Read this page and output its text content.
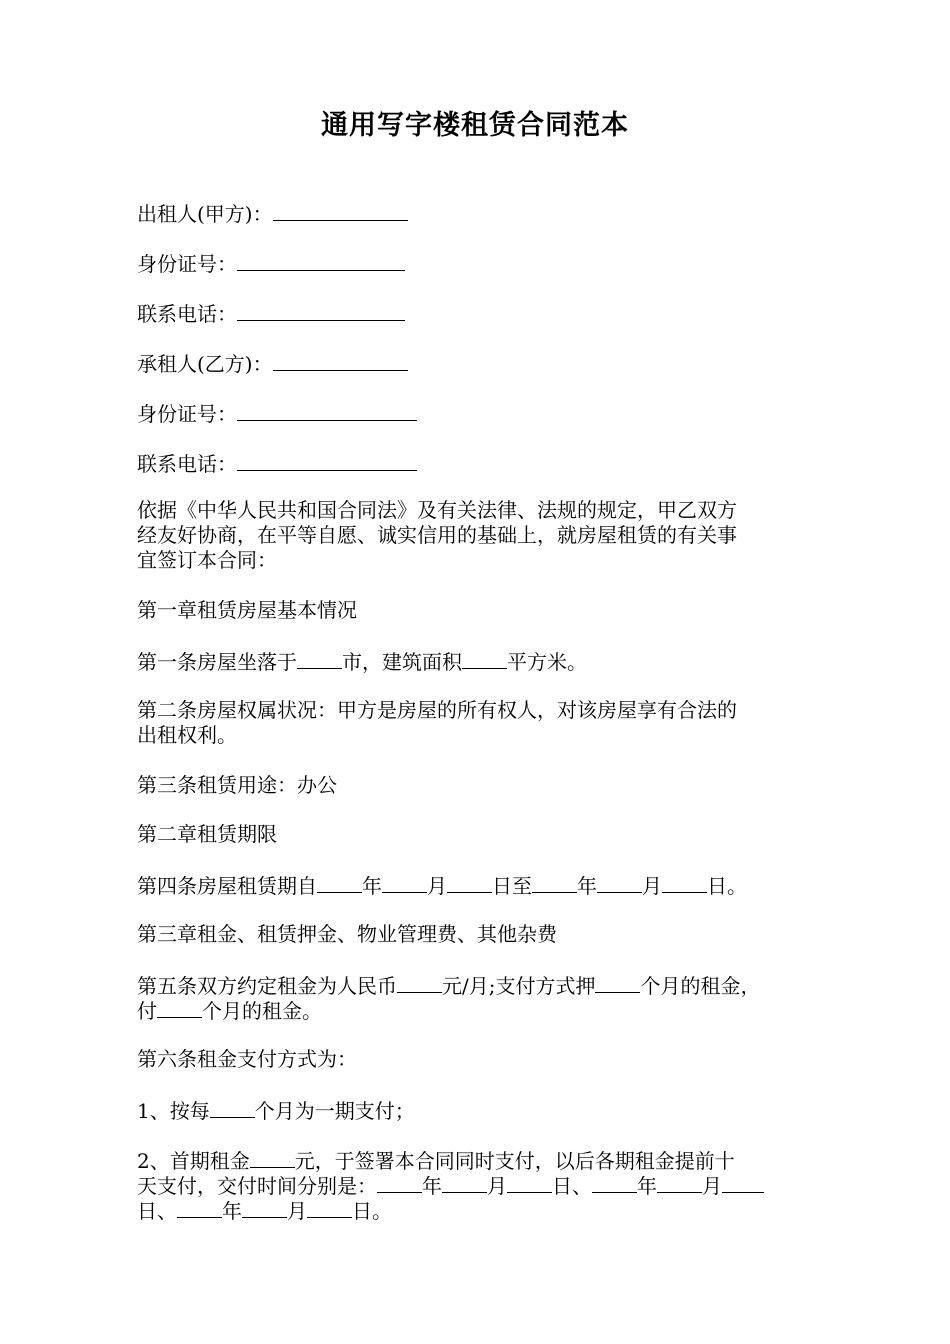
通用写字楼租赁合同范本
出租人(甲方)：
身份证号：
联系电话：
承租人(乙方)：
身份证号：
联系电话：
依据《中华人民共和国合同法》及有关法律、法规的规定，甲乙双方
经友好协商，在平等自愿、诚实信用的基础上，就房屋租赁的有关事
宜签订本合同：
第一章租赁房屋基本情况
第一条房屋坐落于 市，建筑面积 平方米。
第二条房屋权属状况：甲方是房屋的所有权人，对该房屋享有合法的
出租权利。
第三条租赁用途：办公
第二章租赁期限
第四条房屋租赁期自 年 月 日至 年 月 日。
第三章租金、租赁押金、物业管理费、其他杂费
第五条双方约定租金为人民币 元/月;支付方式押 个月的租金，
付 个月的租金。
第六条租金支付方式为：
1、按每 个月为一期支付；
2、首期租金 元，于签署本合同同时支付，以后各期租金提前十
天支付，交付时间分别是： 年 月 日、 年 月
日、 年 月 日。
